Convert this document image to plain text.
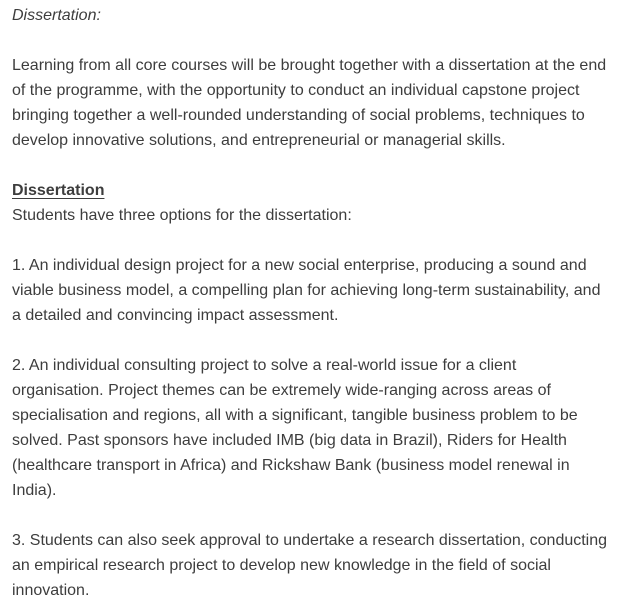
Dissertation:

Learning from all core courses will be brought together with a dissertation at the end of the programme, with the opportunity to conduct an individual capstone project bringing together a well-rounded understanding of social problems, techniques to develop innovative solutions, and entrepreneurial or managerial skills.

Dissertation

Students have three options for the dissertation:

1. An individual design project for a new social enterprise, producing a sound and viable business model, a compelling plan for achieving long-term sustainability, and a detailed and convincing impact assessment.

2. An individual consulting project to solve a real-world issue for a client organisation. Project themes can be extremely wide-ranging across areas of specialisation and regions, all with a significant, tangible business problem to be solved. Past sponsors have included IMB (big data in Brazil), Riders for Health (healthcare transport in Africa) and Rickshaw Bank (business model renewal in India).

3. Students can also seek approval to undertake a research dissertation, conducting an empirical research project to develop new knowledge in the field of social innovation.
